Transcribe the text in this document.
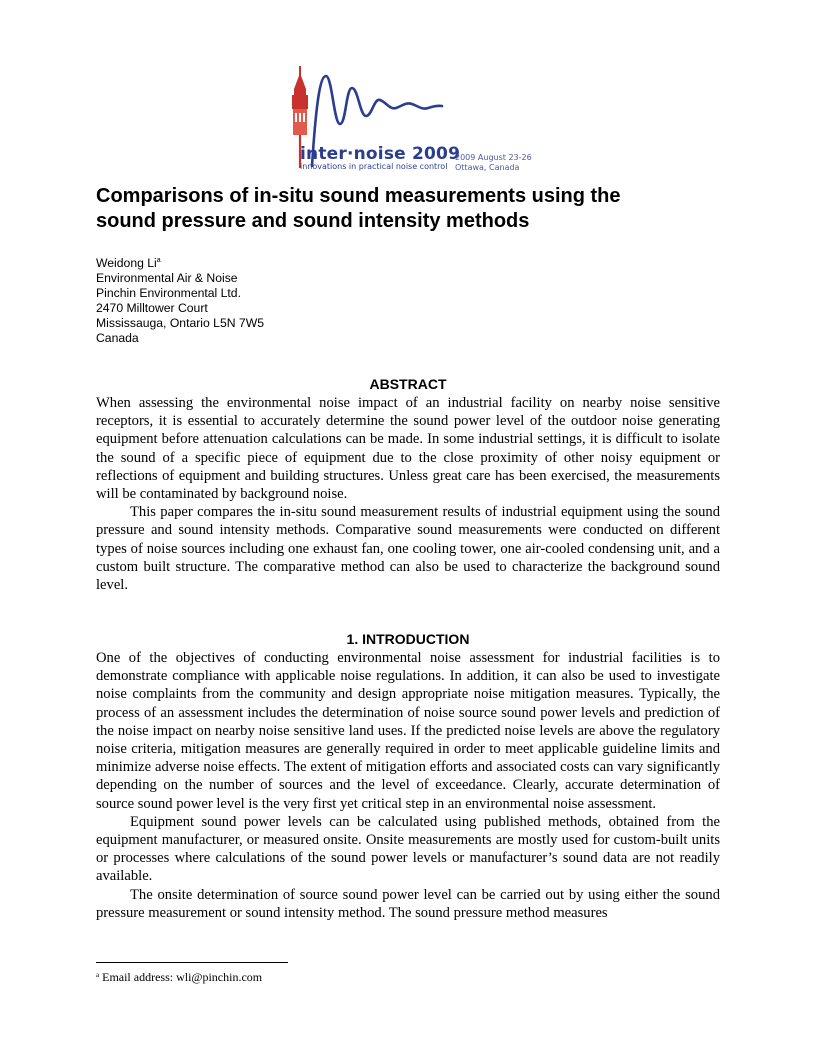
inter·noise 2009
innovations in practical noise control
2009 August 23-26
Ottawa, Canada
Comparisons of in-situ sound measurements using the
sound pressure and sound intensity methods
Weidong Li$^a$
Environmental Air & Noise
Pinchin Environmental Ltd.
2470 Milltower Court
Mississauga, Ontario L5N 7W5
Canada
ABSTRACT

When assessing the environmental noise impact of an industrial facility on nearby noise sensitive receptors, it is essential to accurately determine the sound power level of the outdoor noise generating equipment before attenuation calculations can be made. In some industrial settings, it is difficult to isolate the sound of a specific piece of equipment due to the close proximity of other noisy equipment or reflections of equipment and building structures. Unless great care has been exercised, the measurements will be contaminated by background noise.

This paper compares the in-situ sound measurement results of industrial equipment using the sound pressure and sound intensity methods. Comparative sound measurements were conducted on different types of noise sources including one exhaust fan, one cooling tower, one air-cooled condensing unit, and a custom built structure. The comparative method can also be used to characterize the background sound level.

1. INTRODUCTION

One of the objectives of conducting environmental noise assessment for industrial facilities is to demonstrate compliance with applicable noise regulations. In addition, it can also be used to investigate noise complaints from the community and design appropriate noise mitigation measures. Typically, the process of an assessment includes the determination of noise source sound power levels and prediction of the noise impact on nearby noise sensitive land uses. If the predicted noise levels are above the regulatory noise criteria, mitigation measures are generally required in order to meet applicable guideline limits and minimize adverse noise effects. The extent of mitigation efforts and associated costs can vary significantly depending on the number of sources and the level of exceedance. Clearly, accurate determination of source sound power level is the very first yet critical step in an environmental noise assessment.

Equipment sound power levels can be calculated using published methods, obtained from the equipment manufacturer, or measured onsite. Onsite measurements are mostly used for custom-built units or processes where calculations of the sound power levels or manufacturer’s sound data are not readily available.

The onsite determination of source sound power level can be carried out by using either the sound pressure measurement or sound intensity method. The sound pressure method measures

$^a$ Email address: wli@pinchin.com
